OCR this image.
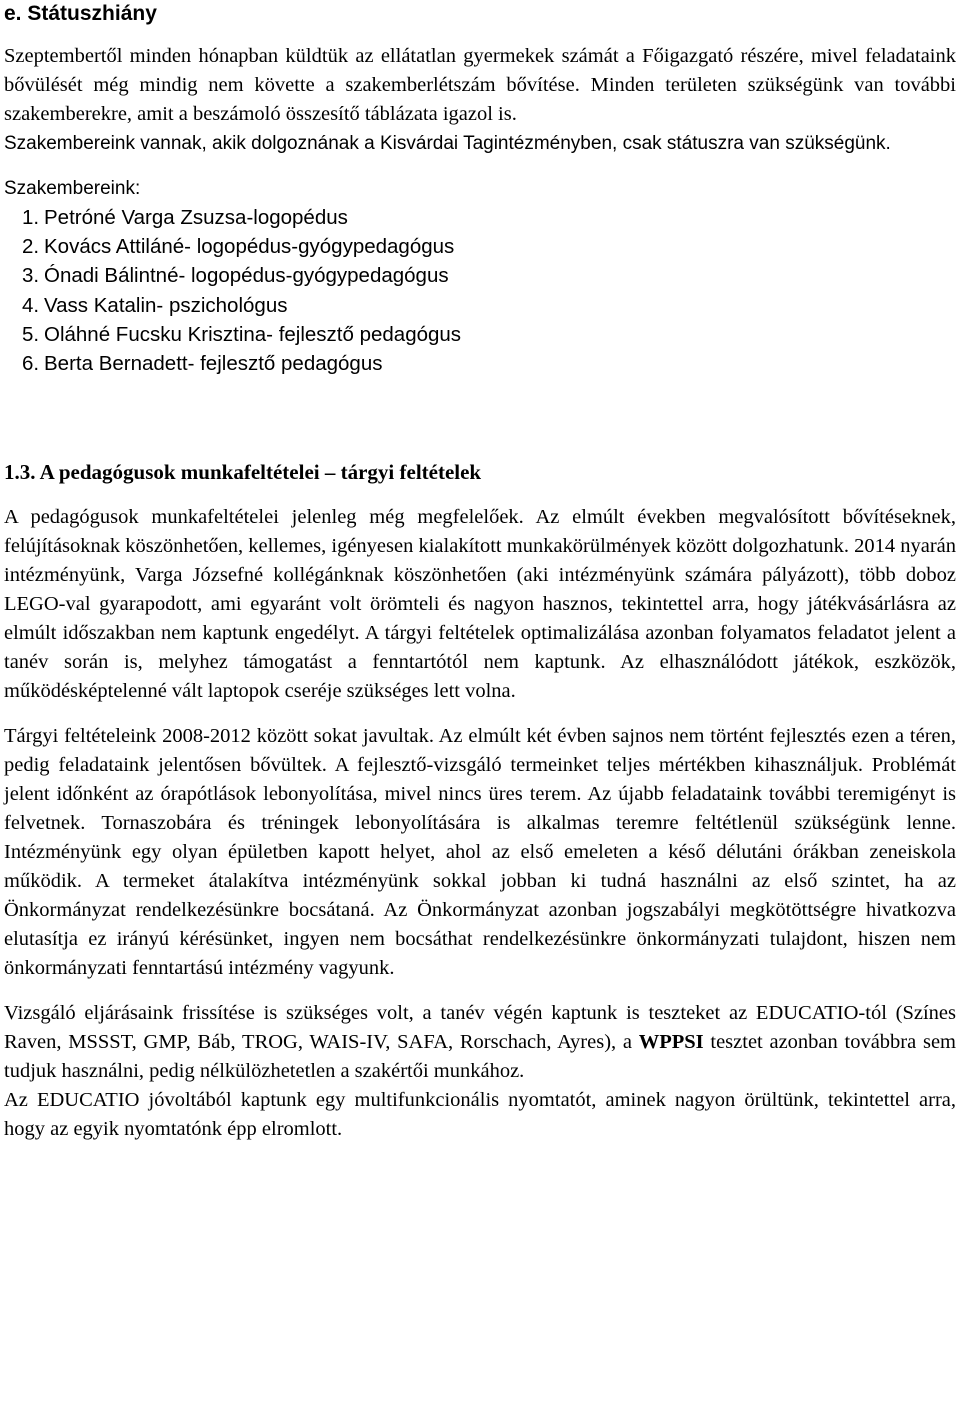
e. Státuszhiány

Szeptembertől minden hónapban küldtük az ellátatlan gyermekek számát a Főigazgató részére, mivel feladataink bővülését még mindig nem követte a szakemberlétszám bővítése. Minden területen szükségünk van további szakemberekre, amit a beszámoló összesítő táblázata igazol is.

Szakembereink vannak, akik dolgoznának a Kisvárdai Tagintézményben, csak státuszra van szükségünk.

Szakembereink:

1. Petróné Varga Zsuzsa-logopédus
2. Kovács Attiláné- logopédus-gyógypedagógus
3. Ónadi Bálintné- logopédus-gyógypedagógus
4. Vass Katalin- pszichológus
5. Oláhné Fucsku Krisztina- fejlesztő pedagógus
6. Berta Bernadett- fejlesztő pedagógus
1.3. A pedagógusok munkafeltételei – tárgyi feltételek

A pedagógusok munkafeltételei jelenleg még megfelelőek. Az elmúlt években megvalósított bővítéseknek, felújításoknak köszönhetően, kellemes, igényesen kialakított munkakörülmények között dolgozhatunk. 2014 nyarán intézményünk, Varga Józsefné kollégánknak köszönhetően (aki intézményünk számára pályázott), több doboz LEGO-val gyarapodott, ami egyaránt volt örömteli és nagyon hasznos, tekintettel arra, hogy játékvásárlásra az elmúlt időszakban nem kaptunk engedélyt. A tárgyi feltételek optimalizálása azonban folyamatos feladatot jelent a tanév során is, melyhez támogatást a fenntartótól nem kaptunk. Az elhasználódott játékok, eszközök, működésképtelenné vált laptopok cseréje szükséges lett volna.

Tárgyi feltételeink 2008-2012 között sokat javultak. Az elmúlt két évben sajnos nem történt fejlesztés ezen a téren, pedig feladataink jelentősen bővültek. A fejlesztő-vizsgáló termeinket teljes mértékben kihasználjuk. Problémát jelent időnként az órapótlások lebonyolítása, mivel nincs üres terem. Az újabb feladataink további teremigényt is felvetnek. Tornaszobára és tréningek lebonyolítására is alkalmas teremre feltétlenül szükségünk lenne. Intézményünk egy olyan épületben kapott helyet, ahol az első emeleten a késő délutáni órákban zeneiskola működik. A termeket átalakítva intézményünk sokkal jobban ki tudná használni az első szintet, ha az Önkormányzat rendelkezésünkre bocsátaná. Az Önkormányzat azonban jogszabályi megkötöttségre hivatkozva elutasítja ez irányú kérésünket, ingyen nem bocsáthat rendelkezésünkre önkormányzati tulajdont, hiszen nem önkormányzati fenntartású intézmény vagyunk.

Vizsgáló eljárásaink frissítése is szükséges volt, a tanév végén kaptunk is teszteket az EDUCATIO-tól (Színes Raven, MSSST, GMP, Báb, TROG, WAIS-IV, SAFA, Rorschach, Ayres), a WPPSI tesztet azonban továbbra sem tudjuk használni, pedig nélkülözhetetlen a szakértői munkához.

Az EDUCATIO jóvoltából kaptunk egy multifunkcionális nyomtatót, aminek nagyon örültünk, tekintettel arra, hogy az egyik nyomtatónk épp elromlott.
